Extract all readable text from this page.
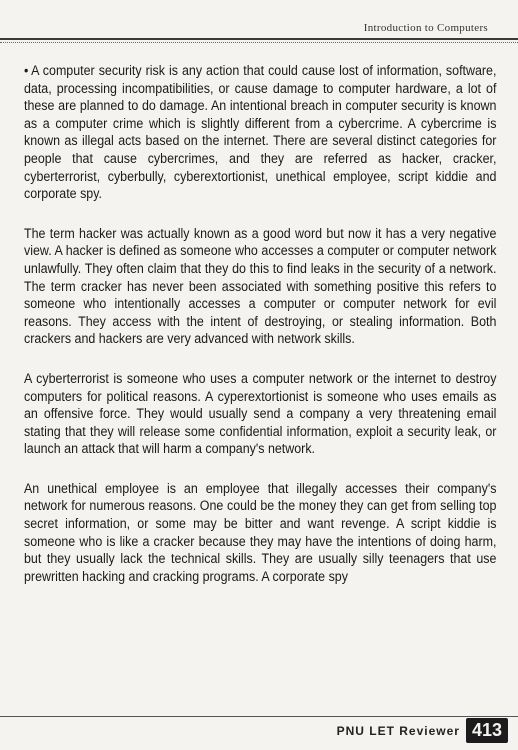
Introduction to Computers

• A computer security risk is any action that could cause lost of information, software, data, processing incompatibilities, or cause damage to computer hardware, a lot of these are planned to do damage. An intentional breach in computer security is known as a computer crime which is slightly different from a cybercrime. A cybercrime is known as illegal acts based on the internet. There are several distinct categories for people that cause cybercrimes, and they are referred as hacker, cracker, cyberterrorist, cyberbully, cyberextortionist, unethical employee, script kiddie and corporate spy.

The term hacker was actually known as a good word but now it has a very negative view. A hacker is defined as someone who accesses a computer or computer network unlawfully. They often claim that they do this to find leaks in the security of a network. The term cracker has never been associated with something positive this refers to someone who intentionally accesses a computer or computer network for evil reasons. They access with the intent of destroying, or stealing information. Both crackers and hackers are very advanced with network skills.

A cyberterrorist is someone who uses a computer network or the internet to destroy computers for political reasons. A cyperextortionist is someone who uses emails as an offensive force. They would usually send a company a very threatening email stating that they will release some confidential information, exploit a security leak, or launch an attack that will harm a company's network.

An unethical employee is an employee that illegally accesses their company's network for numerous reasons. One could be the money they can get from selling top secret information, or some may be bitter and want revenge. A script kiddie is someone who is like a cracker because they may have the intentions of doing harm, but they usually lack the technical skills. They are usually silly teenagers that use prewritten hacking and cracking programs. A corporate spy

PNU LET Reviewer 413
